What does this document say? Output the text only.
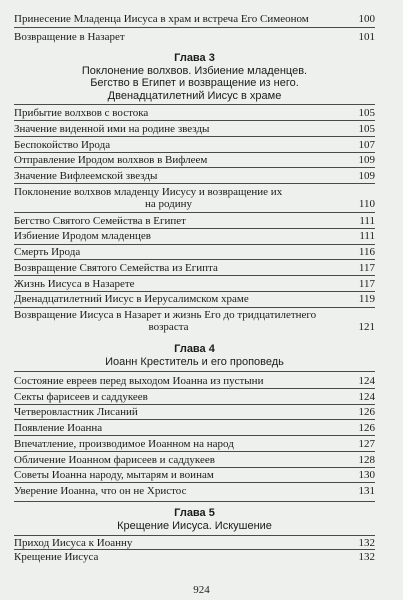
Принесение Младенца Иисуса в храм и встреча Его Симеоном	100
Возвращение в Назарет	101
Глава 3
Поклонение волхвов. Избиение младенцев.
Бегство в Египет и возвращение из него.
Двенадцатилетний Иисус в храме
Прибытие волхвов с востока	105
Значение виденной ими на родине звезды	105
Беспокойство Ирода	107
Отправление Иродом волхвов в Вифлеем	109
Значение Вифлеемской звезды	109
Поклонение волхвов младенцу Иисусу и возвращение их
на родину	110
Бегство Святого Семейства в Египет	111
Избиение Иродом младенцев	111
Смерть Ирода	116
Возвращение Святого Семейства из Египта	117
Жизнь Иисуса в Назарете	117
Двенадцатилетний Иисус в Иерусалимском храме	119
Возвращение Иисуса в Назарет и жизнь Его до тридцатилетнего
возраста	121
Глава 4
Иоанн Креститель и его проповедь
Состояние евреев перед выходом Иоанна из пустыни	124
Секты фарисеев и саддукеев	124
Четверовластник Лисаний	126
Появление Иоанна	126
Впечатление, производимое Иоанном на народ	127
Обличение Иоанном фарисеев и саддукеев	128
Советы Иоанна народу, мытарям и воинам	130
Уверение Иоанна, что он не Христос	131
924
Глава 5
Крещение Иисуса. Искушение
Приход Иисуса к Иоанну	132
Крещение Иисуса	132
